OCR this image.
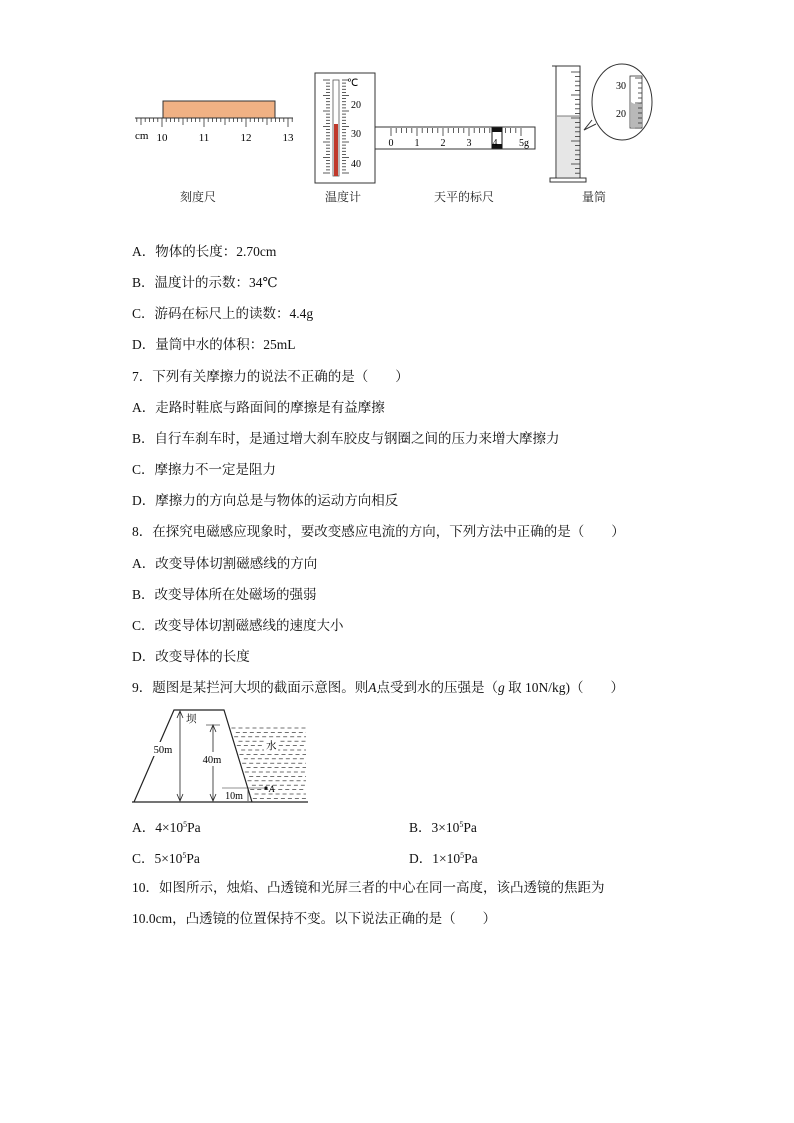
cm 10	11	12	13
刻度尺
℃
20
30
40
温度计
0 1 2 3 4 5g
天平的标尺
30
20
量筒
A．物体的长度：2.70cm
B．温度计的示数：34℃
C．游码在标尺上的读数：4.4g
D．量筒中水的体积：25mL
7．下列有关摩擦力的说法不正确的是（　　）
A．走路时鞋底与路面间的摩擦是有益摩擦
B．自行车刹车时，是通过增大刹车胶皮与钢圈之间的压力来增大摩擦力
C．摩擦力不一定是阻力
D．摩擦力的方向总是与物体的运动方向相反
8．在探究电磁感应现象时，要改变感应电流的方向，下列方法中正确的是（　　）
A．改变导体切割磁感线的方向
B．改变导体所在处磁场的强弱
C．改变导体切割磁感线的速度大小
D．改变导体的长度
9．题图是某拦河大坝的截面示意图。则A点受到水的压强是（g 取 10N/kg)（　　）
50m
40m
10m
坝
水
A
A．$4\times 10^5Pa$	B．$3\times 10^5Pa$
C．$5\times 10^5Pa$	D．$1\times 10^5Pa$
10．如图所示，烛焰、凸透镜和光屏三者的中心在同一高度，该凸透镜的焦距为
10.0cm，凸透镜的位置保持不变。以下说法正确的是（　　）
